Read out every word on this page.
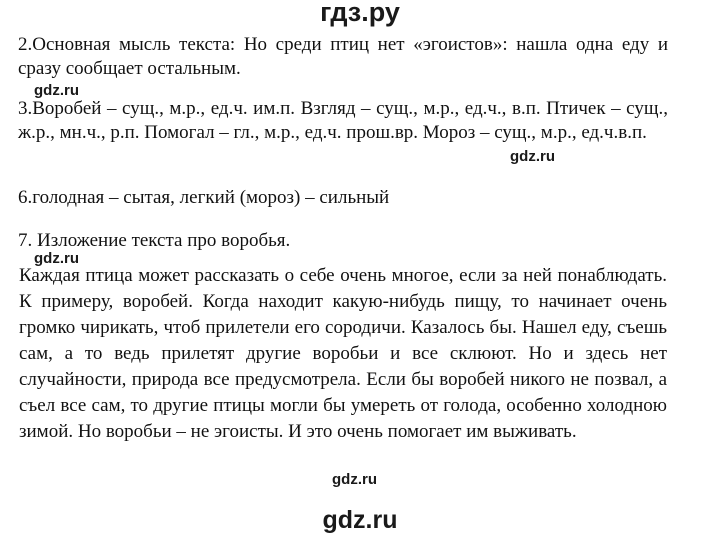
гдз.ру
2.Основная мысль текста: Но среди птиц нет «эгоистов»: нашла одна еду и сразу сообщает остальным.
gdz.ru
3.Воробей – сущ., м.р., ед.ч. им.п. Взгляд – сущ., м.р., ед.ч., в.п. Птичек – сущ., ж.р., мн.ч., р.п. Помогал – гл., м.р., ед.ч. прош.вр. Мороз – сущ., м.р., ед.ч.в.п.
gdz.ru
6.голодная – сытая, легкий (мороз) – сильный
7. Изложение текста про воробья.
gdz.ru
Каждая птица может рассказать о себе очень многое, если за ней понаблюдать. К примеру, воробей. Когда находит какую-нибудь пищу, то начинает очень громко чирикать, чтоб прилетели его сородичи. Казалось бы. Нашел еду, съешь сам, а то ведь прилетят другие воробьи и все склюют. Но и здесь нет случайности, природа все предусмотрела. Если бы воробей никого не позвал, а съел все сам, то другие птицы могли бы умереть от голода, особенно холодною зимой. Но воробьи – не эгоисты. И это очень помогает им выживать.
gdz.ru
gdz.ru
